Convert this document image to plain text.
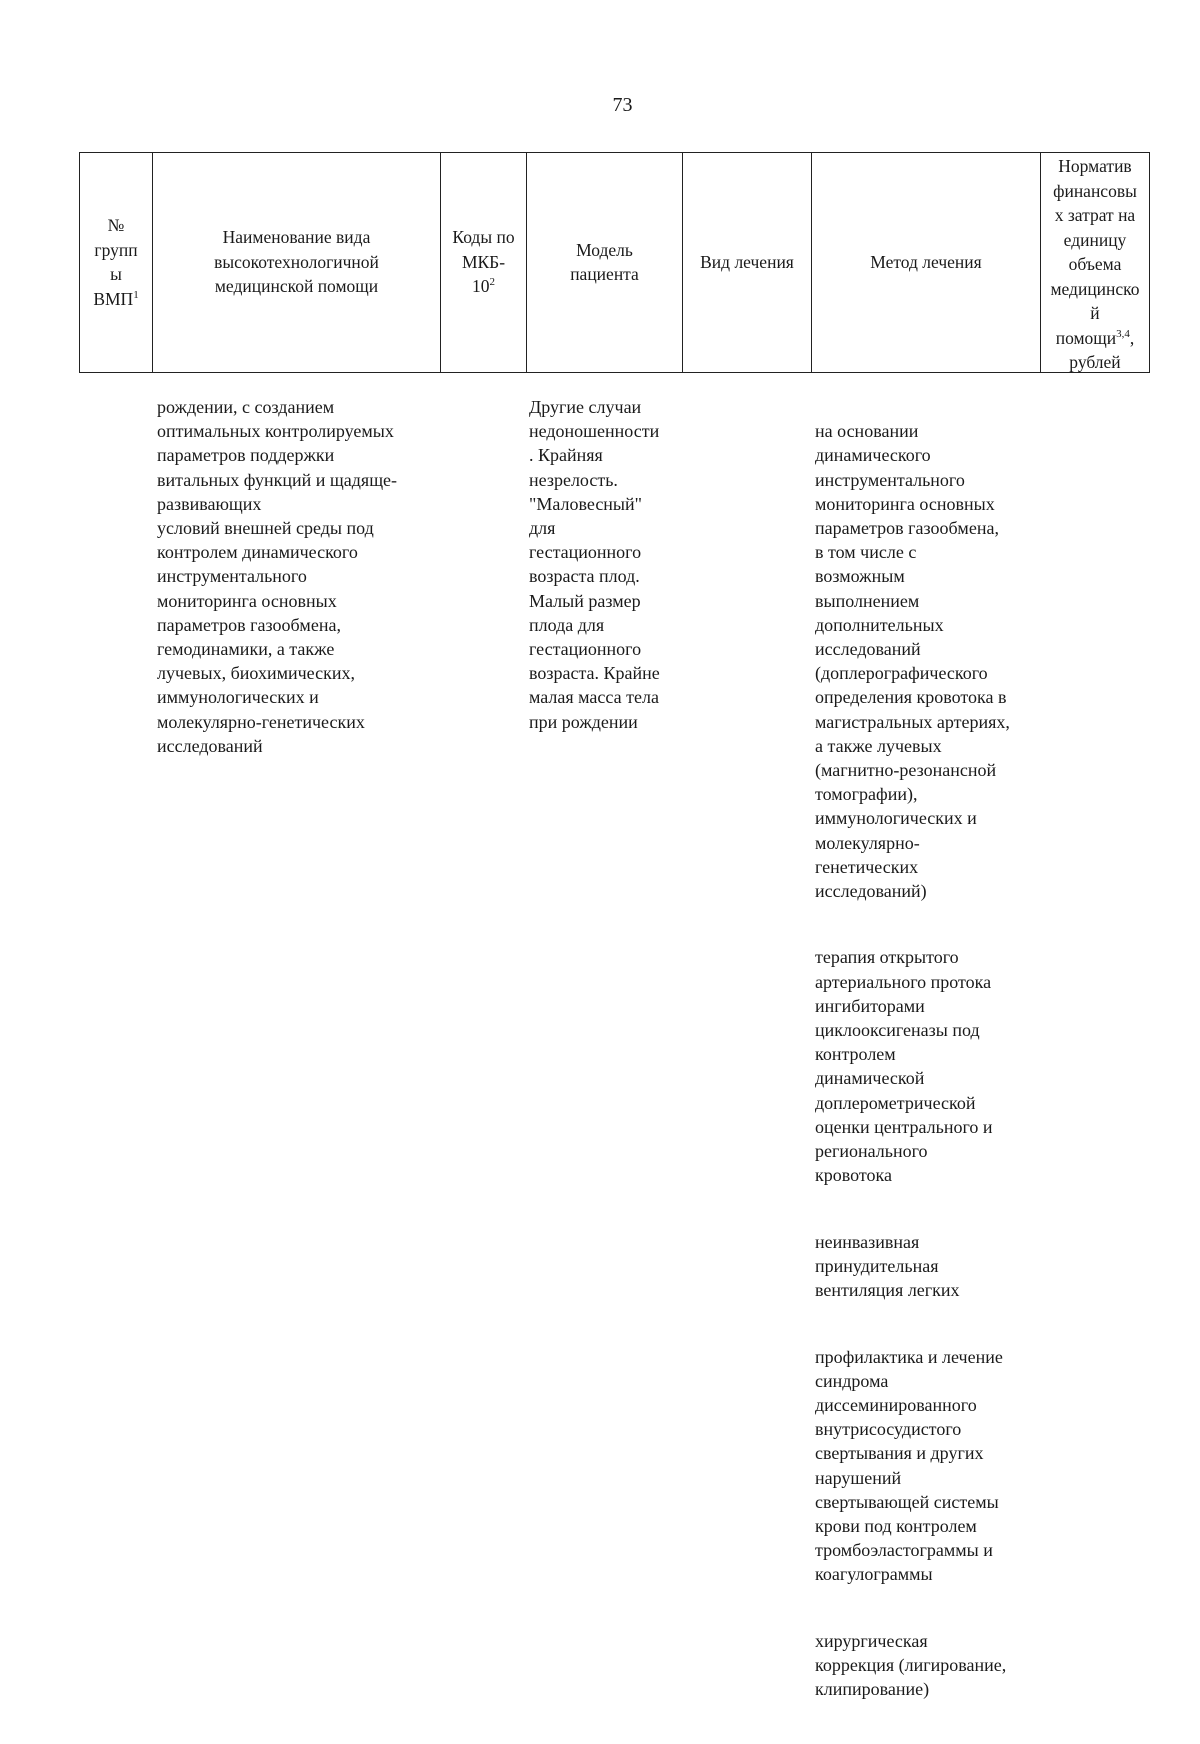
73
№
групп
ы
ВМП$^1$
Наименование вида
высокотехнологичной
медицинской помощи
Коды по
МКБ-
$10^2$
Модель
пациента
Вид лечения	Метод лечения
Норматив
финансовы
х затрат на
единицу
объема
медицинско
й
помощи$^{3,4}$,
рублей
рождении, с созданием
оптимальных контролируемых
параметров поддержки
витальных функций и щадяще-
развивающих
условий внешней среды под
контролем динамического
инструментального
мониторинга основных
параметров газообмена,
гемодинамики, а также
лучевых, биохимических,
иммунологических и
молекулярно-генетических
исследований
Другие случаи
недоношенности
. Крайняя
незрелость.
"Маловесный"
для
гестационного
возраста плод.
Малый размер
плода для
гестационного
возраста. Крайне
малая масса тела
при рождении

на основании
динамического
инструментального
мониторинга основных
параметров газообмена,
в том числе с
возможным
выполнением
дополнительных
исследований
(доплерографического
определения кровотока в
магистральных артериях,
а также лучевых
(магнитно-резонансной
томографии),
иммунологических и
молекулярно-
генетических
исследований)

терапия открытого
артериального протока
ингибиторами
циклооксигеназы под
контролем
динамической
доплерометрической
оценки центрального и
регионального
кровотока

неинвазивная
принудительная
вентиляция легких

профилактика и лечение
синдрома
диссеминированного
внутрисосудистого
свертывания и других
нарушений
свертывающей системы
крови под контролем
тромбоэластограммы и
коагулограммы

хирургическая
коррекция (лигирование,
клипирование)
